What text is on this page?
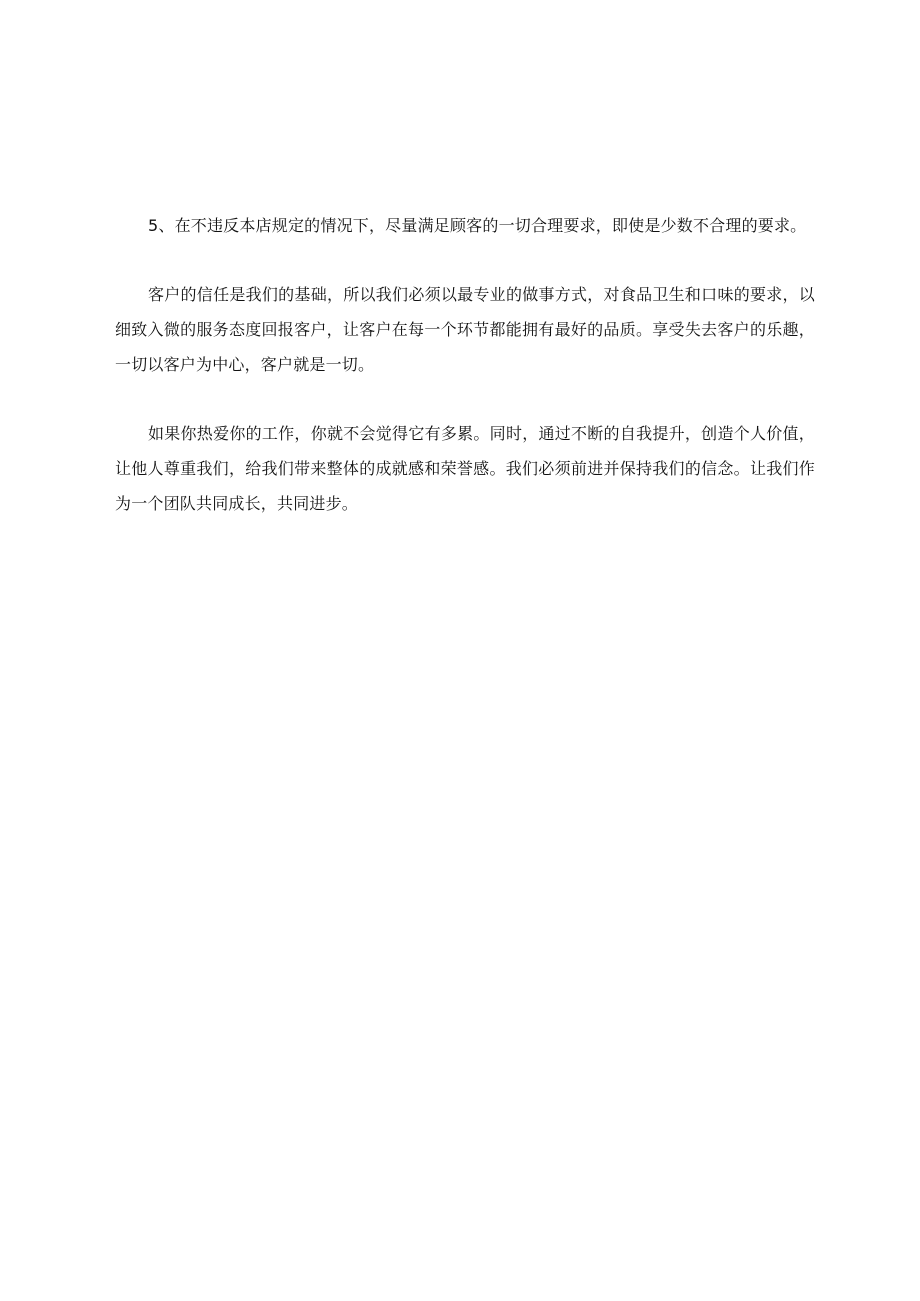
5、在不违反本店规定的情况下，尽量满足顾客的一切合理要求，即使是少数不合理的要求。

客户的信任是我们的基础，所以我们必须以最专业的做事方式，对食品卫生和口味的要求，以细致入微的服务态度回报客户，让客户在每一个环节都能拥有最好的品质。享受失去客户的乐趣，一切以客户为中心，客户就是一切。

如果你热爱你的工作，你就不会觉得它有多累。同时，通过不断的自我提升，创造个人价值，让他人尊重我们，给我们带来整体的成就感和荣誉感。我们必须前进并保持我们的信念。让我们作为一个团队共同成长，共同进步。
